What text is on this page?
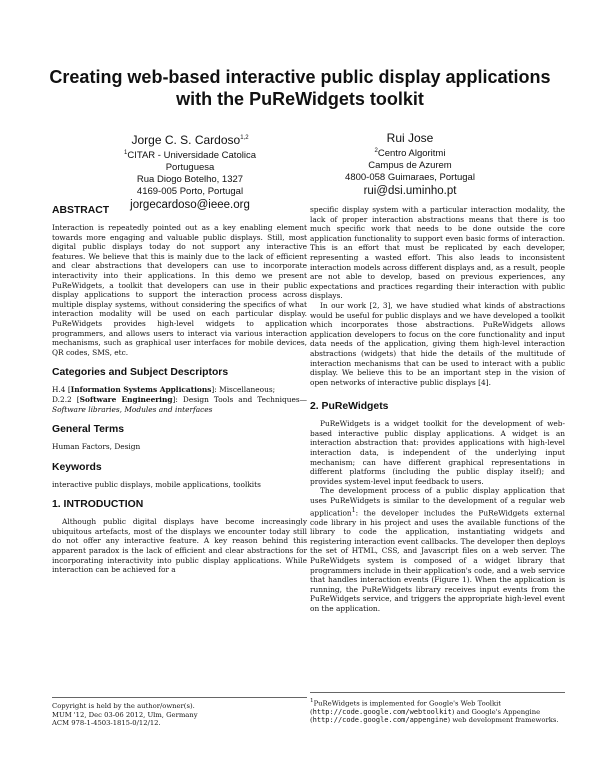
Creating web-based interactive public display applications
with the PuReWidgets toolkit
Jorge C. S. Cardoso$^{1,2}$
$^1$CITAR - Universidade Catolica Portuguesa
Rua Diogo Botelho, 1327
4169-005 Porto, Portugal
jorgecardoso@ieee.org
Rui Jose
$^2$Centro Algoritmi
Campus de Azurem
4800-058 Guimaraes, Portugal
rui@dsi.uminho.pt
ABSTRACT

Interaction is repeatedly pointed out as a key enabling element towards more engaging and valuable public displays. Still, most digital public displays today do not support any interactive features. We believe that this is mainly due to the lack of efficient and clear abstractions that developers can use to incorporate interactivity into their applications. In this demo we present PuReWidgets, a toolkit that developers can use in their public display applications to support the interaction process across multiple display systems, without considering the specifics of what interaction modality will be used on each particular display. PuReWidgets provides high-level widgets to application programmers, and allows users to interact via various interaction mechanisms, such as graphical user interfaces for mobile devices, QR codes, SMS, etc.

Categories and Subject Descriptors

H.4 [Information Systems Applications]: Miscellaneous;
D.2.2 [Software Engineering]: Design Tools and Techniques—Software libraries, Modules and interfaces

General Terms

Human Factors, Design

Keywords

interactive public displays, mobile applications, toolkits

1. INTRODUCTION

Although public digital displays have become increasingly ubiquitous artefacts, most of the displays we encounter today still do not offer any interactive feature. A key reason behind this apparent paradox is the lack of efficient and clear abstractions for incorporating interactivity into public display applications. While interaction can be achieved for a

specific display system with a particular interaction modality, the lack of proper interaction abstractions means that there is too much specific work that needs to be done outside the core application functionality to support even basic forms of interaction. This is an effort that must be replicated by each developer, representing a wasted effort. This also leads to inconsistent interaction models across different displays and, as a result, people are not able to develop, based on previous experiences, any expectations and practices regarding their interaction with public displays.

In our work [2, 3], we have studied what kinds of abstractions would be useful for public displays and we have developed a toolkit which incorporates those abstractions. PuReWidgets allows application developers to focus on the core functionality and input data needs of the application, giving them high-level interaction abstractions (widgets) that hide the details of the multitude of interaction mechanisms that can be used to interact with a public display. We believe this to be an important step in the vision of open networks of interactive public displays [4].

2. PuReWidgets

PuReWidgets is a widget toolkit for the development of web-based interactive public display applications. A widget is an interaction abstraction that: provides applications with high-level interaction data, is independent of the underlying input mechanism; can have different graphical representations in different platforms (including the public display itself); and provides system-level input feedback to users.

The development process of a public display application that uses PuReWidgets is similar to the development of a regular web application$^1$: the developer includes the PuReWidgets external code library in his project and uses the available functions of the library to code the application, instantiating widgets and registering interaction event callbacks. The developer then deploys the set of HTML, CSS, and Javascript files on a web server. The PuReWidgets system is composed of a widget library that programmers include in their application's code, and a web service that handles interaction events (Figure 1). When the application is running, the PuReWidgets library receives input events from the PuReWidgets service, and triggers the appropriate high-level event on the application.

Copyright is held by the author/owner(s).
MUM '12, Dec 03-06 2012, Ulm, Germany
ACM 978-1-4503-1815-0/12/12.
$^1$PuReWidgets is implemented for Google's Web Toolkit (http://code.google.com/webtoolkit) and Google's Appengine (http://code.google.com/appengine) web development frameworks.
